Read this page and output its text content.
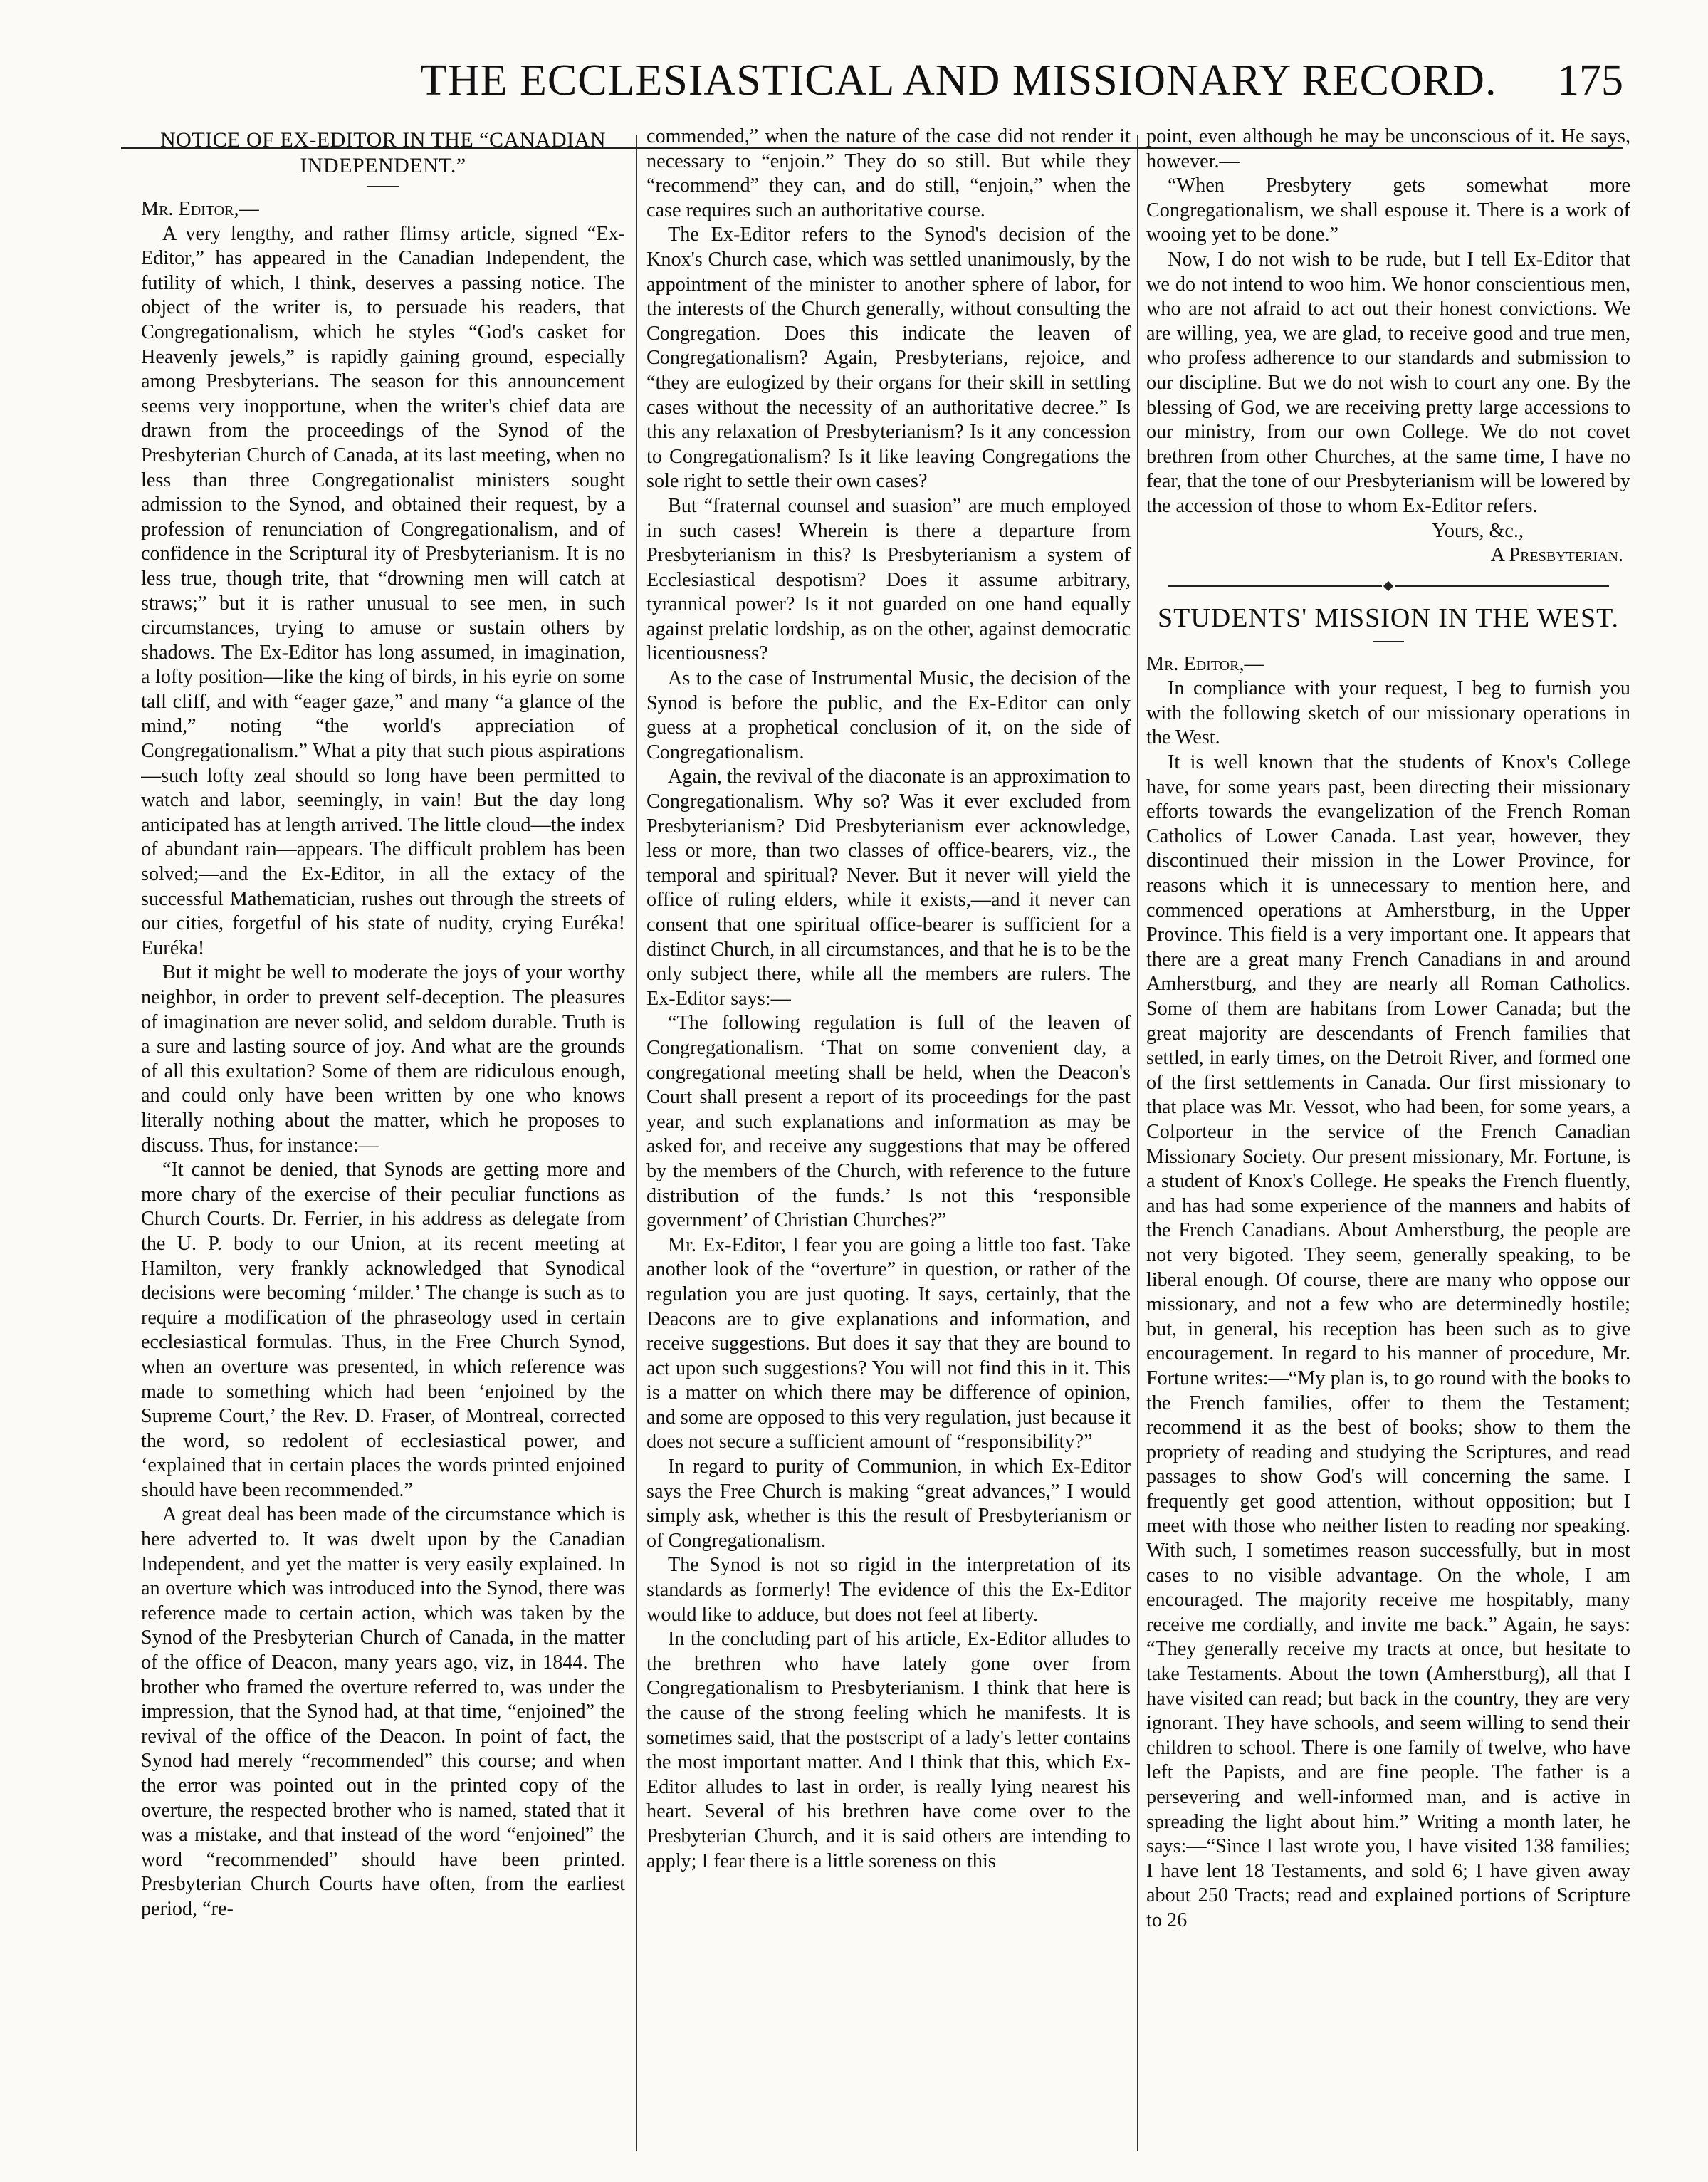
THE ECCLESIASTICAL AND MISSIONARY RECORD. 175
NOTICE OF EX-EDITOR IN THE “CANADIAN INDEPENDENT.”
Mr. Editor,—

A very lengthy, and rather flimsy article, signed “Ex-Editor,” has appeared in the Canadian Independent, the futility of which, I think, deserves a passing notice. The object of the writer is, to persuade his readers, that Congregationalism, which he styles “God's casket for Heavenly jewels,” is rapidly gaining ground, especially among Presbyterians. The season for this announcement seems very inopportune, when the writer's chief data are drawn from the proceedings of the Synod of the Presbyterian Church of Canada, at its last meeting, when no less than three Congregationalist ministers sought admission to the Synod, and obtained their request, by a profession of renunciation of Congregationalism, and of confidence in the Scriptural ity of Presbyterianism. It is no less true, though trite, that “drowning men will catch at straws;” but it is rather unusual to see men, in such circumstances, trying to amuse or sustain others by shadows. The Ex-Editor has long assumed, in imagination, a lofty position—like the king of birds, in his eyrie on some tall cliff, and with “eager gaze,” and many “a glance of the mind,” noting “the world's appreciation of Congregationalism.” What a pity that such pious aspirations—such lofty zeal should so long have been permitted to watch and labor, seemingly, in vain! But the day long anticipated has at length arrived. The little cloud—the index of abundant rain—appears. The difficult problem has been solved;—and the Ex-Editor, in all the extacy of the successful Mathematician, rushes out through the streets of our cities, forgetful of his state of nudity, crying Euréka! Euréka!

But it might be well to moderate the joys of your worthy neighbor, in order to prevent self-deception. The pleasures of imagination are never solid, and seldom durable. Truth is a sure and lasting source of joy. And what are the grounds of all this exultation? Some of them are ridiculous enough, and could only have been written by one who knows literally nothing about the matter, which he proposes to discuss. Thus, for instance:—

“It cannot be denied, that Synods are getting more and more chary of the exercise of their peculiar functions as Church Courts. Dr. Ferrier, in his address as delegate from the U. P. body to our Union, at its recent meeting at Hamilton, very frankly acknowledged that Synodical decisions were becoming ‘milder.’ The change is such as to require a modification of the phraseology used in certain ecclesiastical formulas. Thus, in the Free Church Synod, when an overture was presented, in which reference was made to something which had been ‘enjoined by the Supreme Court,’ the Rev. D. Fraser, of Montreal, corrected the word, so redolent of ecclesiastical power, and ‘explained that in certain places the words printed enjoined should have been recommended.”

A great deal has been made of the circumstance which is here adverted to. It was dwelt upon by the Canadian Independent, and yet the matter is very easily explained. In an overture which was introduced into the Synod, there was reference made to certain action, which was taken by the Synod of the Presbyterian Church of Canada, in the matter of the office of Deacon, many years ago, viz, in 1844. The brother who framed the overture referred to, was under the impression, that the Synod had, at that time, “enjoined” the revival of the office of the Deacon. In point of fact, the Synod had merely “recommended” this course; and when the error was pointed out in the printed copy of the overture, the respected brother who is named, stated that it was a mistake, and that instead of the word “enjoined” the word “recommended” should have been printed. Presbyterian Church Courts have often, from the earliest period, “re-

commended,” when the nature of the case did not render it necessary to “enjoin.” They do so still. But while they “recommend” they can, and do still, “enjoin,” when the case requires such an authoritative course.

The Ex-Editor refers to the Synod's decision of the Knox's Church case, which was settled unanimously, by the appointment of the minister to another sphere of labor, for the interests of the Church generally, without consulting the Congregation. Does this indicate the leaven of Congregationalism? Again, Presbyterians, rejoice, and “they are eulogized by their organs for their skill in settling cases without the necessity of an authoritative decree.” Is this any relaxation of Presbyterianism? Is it any concession to Congregationalism? Is it like leaving Congregations the sole right to settle their own cases?

But “fraternal counsel and suasion” are much employed in such cases! Wherein is there a departure from Presbyterianism in this? Is Presbyterianism a system of Ecclesiastical despotism? Does it assume arbitrary, tyrannical power? Is it not guarded on one hand equally against prelatic lordship, as on the other, against democratic licentiousness?

As to the case of Instrumental Music, the decision of the Synod is before the public, and the Ex-Editor can only guess at a prophetical conclusion of it, on the side of Congregationalism.

Again, the revival of the diaconate is an approximation to Congregationalism. Why so? Was it ever excluded from Presbyterianism? Did Presbyterianism ever acknowledge, less or more, than two classes of office-bearers, viz., the temporal and spiritual? Never. But it never will yield the office of ruling elders, while it exists,—and it never can consent that one spiritual office-bearer is sufficient for a distinct Church, in all circumstances, and that he is to be the only subject there, while all the members are rulers. The Ex-Editor says:—

“The following regulation is full of the leaven of Congregationalism. ‘That on some convenient day, a congregational meeting shall be held, when the Deacon's Court shall present a report of its proceedings for the past year, and such explanations and information as may be asked for, and receive any suggestions that may be offered by the members of the Church, with reference to the future distribution of the funds.’ Is not this ‘responsible government’ of Christian Churches?”

Mr. Ex-Editor, I fear you are going a little too fast. Take another look of the “overture” in question, or rather of the regulation you are just quoting. It says, certainly, that the Deacons are to give explanations and information, and receive suggestions. But does it say that they are bound to act upon such suggestions? You will not find this in it. This is a matter on which there may be difference of opinion, and some are opposed to this very regulation, just because it does not secure a sufficient amount of “responsibility?”

In regard to purity of Communion, in which Ex-Editor says the Free Church is making “great advances,” I would simply ask, whether is this the result of Presbyterianism or of Congregationalism.

The Synod is not so rigid in the interpretation of its standards as formerly! The evidence of this the Ex-Editor would like to adduce, but does not feel at liberty.

In the concluding part of his article, Ex-Editor alludes to the brethren who have lately gone over from Congregationalism to Presbyterianism. I think that here is the cause of the strong feeling which he manifests. It is sometimes said, that the postscript of a lady's letter contains the most important matter. And I think that this, which Ex-Editor alludes to last in order, is really lying nearest his heart. Several of his brethren have come over to the Presbyterian Church, and it is said others are intending to apply; I fear there is a little soreness on this

point, even although he may be unconscious of it. He says, however.—

“When Presbytery gets somewhat more Congregationalism, we shall espouse it. There is a work of wooing yet to be done.”

Now, I do not wish to be rude, but I tell Ex-Editor that we do not intend to woo him. We honor conscientious men, who are not afraid to act out their honest convictions. We are willing, yea, we are glad, to receive good and true men, who profess adherence to our standards and submission to our discipline. But we do not wish to court any one. By the blessing of God, we are receiving pretty large accessions to our ministry, from our own College. We do not covet brethren from other Churches, at the same time, I have no fear, that the tone of our Presbyterianism will be lowered by the accession of those to whom Ex-Editor refers.

Yours, &c.,

A Presbyterian.

STUDENTS' MISSION IN THE WEST.
Mr. Editor,—

In compliance with your request, I beg to furnish you with the following sketch of our missionary operations in the West.

It is well known that the students of Knox's College have, for some years past, been directing their missionary efforts towards the evangelization of the French Roman Catholics of Lower Canada. Last year, however, they discontinued their mission in the Lower Province, for reasons which it is unnecessary to mention here, and commenced operations at Amherstburg, in the Upper Province. This field is a very important one. It appears that there are a great many French Canadians in and around Amherstburg, and they are nearly all Roman Catholics. Some of them are habitans from Lower Canada; but the great majority are descendants of French families that settled, in early times, on the Detroit River, and formed one of the first settlements in Canada. Our first missionary to that place was Mr. Vessot, who had been, for some years, a Colporteur in the service of the French Canadian Missionary Society. Our present missionary, Mr. Fortune, is a student of Knox's College. He speaks the French fluently, and has had some experience of the manners and habits of the French Canadians. About Amherstburg, the people are not very bigoted. They seem, generally speaking, to be liberal enough. Of course, there are many who oppose our missionary, and not a few who are determinedly hostile; but, in general, his reception has been such as to give encouragement. In regard to his manner of procedure, Mr. Fortune writes:—“My plan is, to go round with the books to the French families, offer to them the Testament; recommend it as the best of books; show to them the propriety of reading and studying the Scriptures, and read passages to show God's will concerning the same. I frequently get good attention, without opposition; but I meet with those who neither listen to reading nor speaking. With such, I sometimes reason successfully, but in most cases to no visible advantage. On the whole, I am encouraged. The majority receive me hospitably, many receive me cordially, and invite me back.” Again, he says: “They generally receive my tracts at once, but hesitate to take Testaments. About the town (Amherstburg), all that I have visited can read; but back in the country, they are very ignorant. They have schools, and seem willing to send their children to school. There is one family of twelve, who have left the Papists, and are fine people. The father is a persevering and well-informed man, and is active in spreading the light about him.” Writing a month later, he says:—“Since I last wrote you, I have visited 138 families; I have lent 18 Testaments, and sold 6; I have given away about 250 Tracts; read and explained portions of Scripture to 26
